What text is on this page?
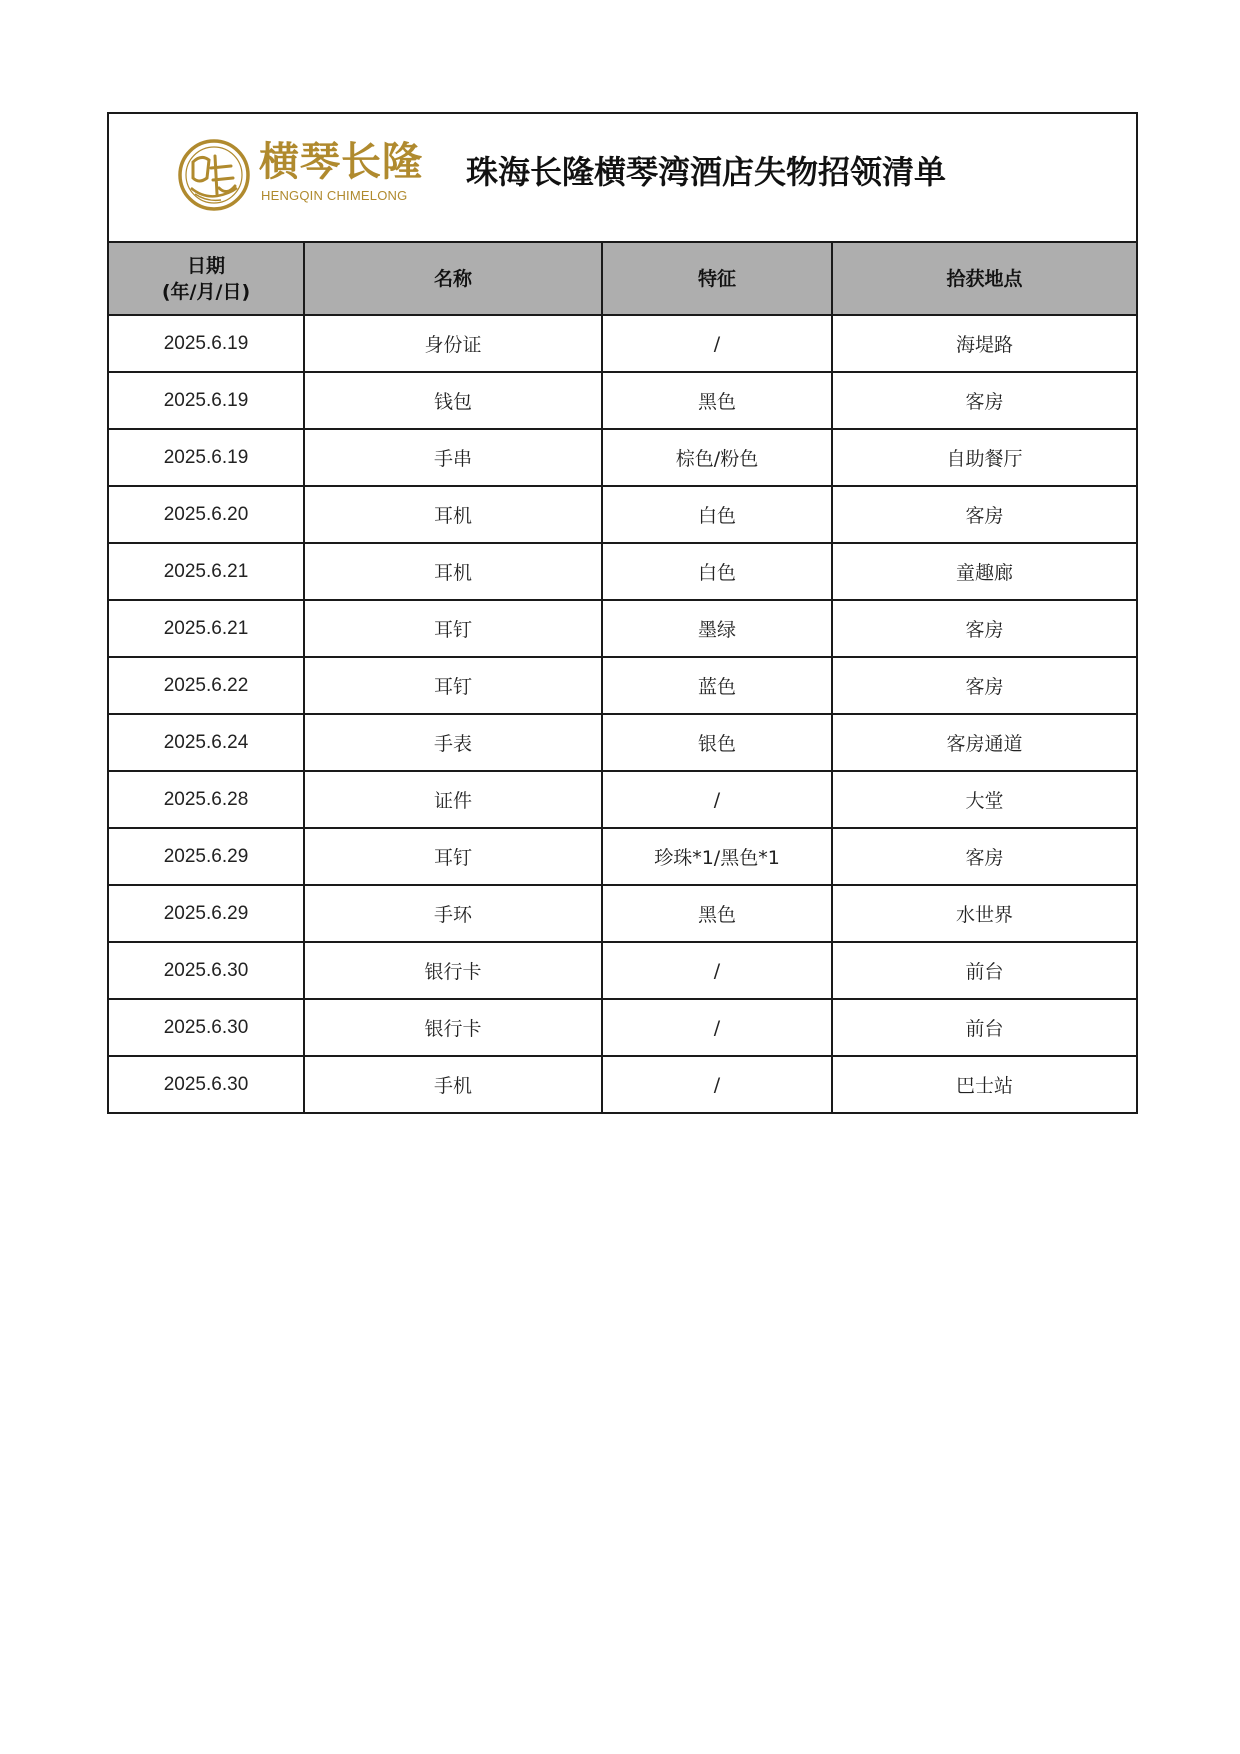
横琴长隆
HENGQIN CHIMELONG
珠海长隆横琴湾酒店失物招领清单			

日期
(年/月/日)	名称	特征	拾获地点
2025.6.19	身份证	/	海堤路
2025.6.19	钱包	黑色	客房
2025.6.19	手串	棕色/粉色	自助餐厅
2025.6.20	耳机	白色	客房
2025.6.21	耳机	白色	童趣廊
2025.6.21	耳钉	墨绿	客房
2025.6.22	耳钉	蓝色	客房
2025.6.24	手表	银色	客房通道
2025.6.28	证件	/	大堂
2025.6.29	耳钉	珍珠*1/黑色*1	客房
2025.6.29	手环	黑色	水世界
2025.6.30	银行卡	/	前台
2025.6.30	银行卡	/	前台
2025.6.30	手机	/	巴士站
